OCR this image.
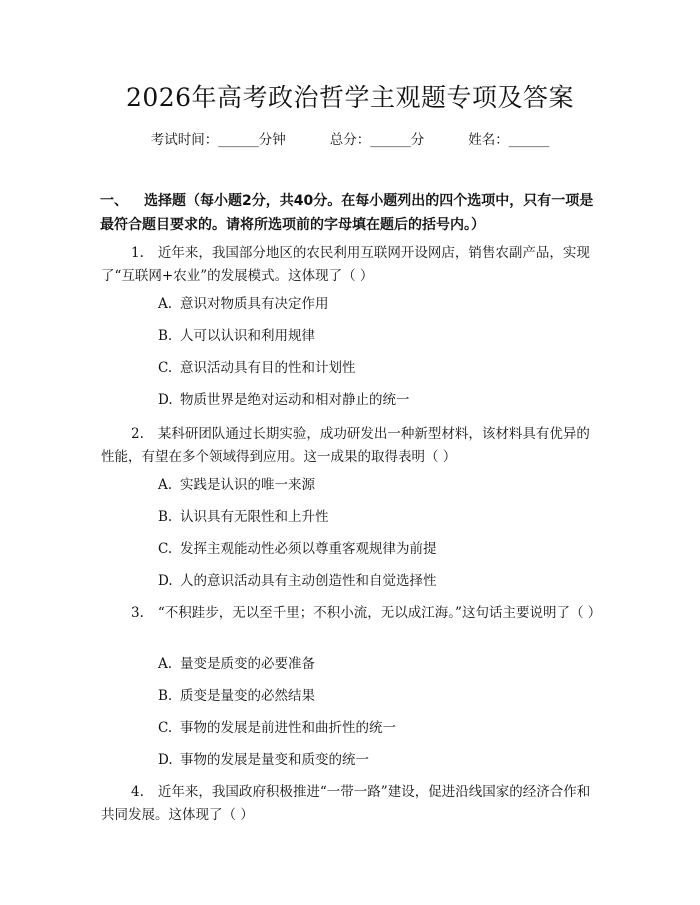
2026年高考政治哲学主观题专项及答案
考试时间：______分钟	总分：______分	姓名：______
一、 选择题（每小题2分，共40分。在每小题列出的四个选项中，只有一项是最符合题目要求的。请将所选项前的字母填在题后的括号内。）
1. 近年来，我国部分地区的农民利用互联网开设网店，销售农副产品，实现了“互联网+农业”的发展模式。这体现了（ ）
A. 意识对物质具有决定作用
B. 人可以认识和利用规律
C. 意识活动具有目的性和计划性
D. 物质世界是绝对运动和相对静止的统一
2. 某科研团队通过长期实验，成功研发出一种新型材料，该材料具有优异的性能，有望在多个领域得到应用。这一成果的取得表明（ ）
A. 实践是认识的唯一来源
B. 认识具有无限性和上升性
C. 发挥主观能动性必须以尊重客观规律为前提
D. 人的意识活动具有主动创造性和自觉选择性
3. “不积跬步，无以至千里；不积小流，无以成江海。”这句话主要说明了（ ）
A. 量变是质变的必要准备
B. 质变是量变的必然结果
C. 事物的发展是前进性和曲折性的统一
D. 事物的发展是量变和质变的统一
4. 近年来，我国政府积极推进“一带一路”建设，促进沿线国家的经济合作和共同发展。这体现了（ ）
